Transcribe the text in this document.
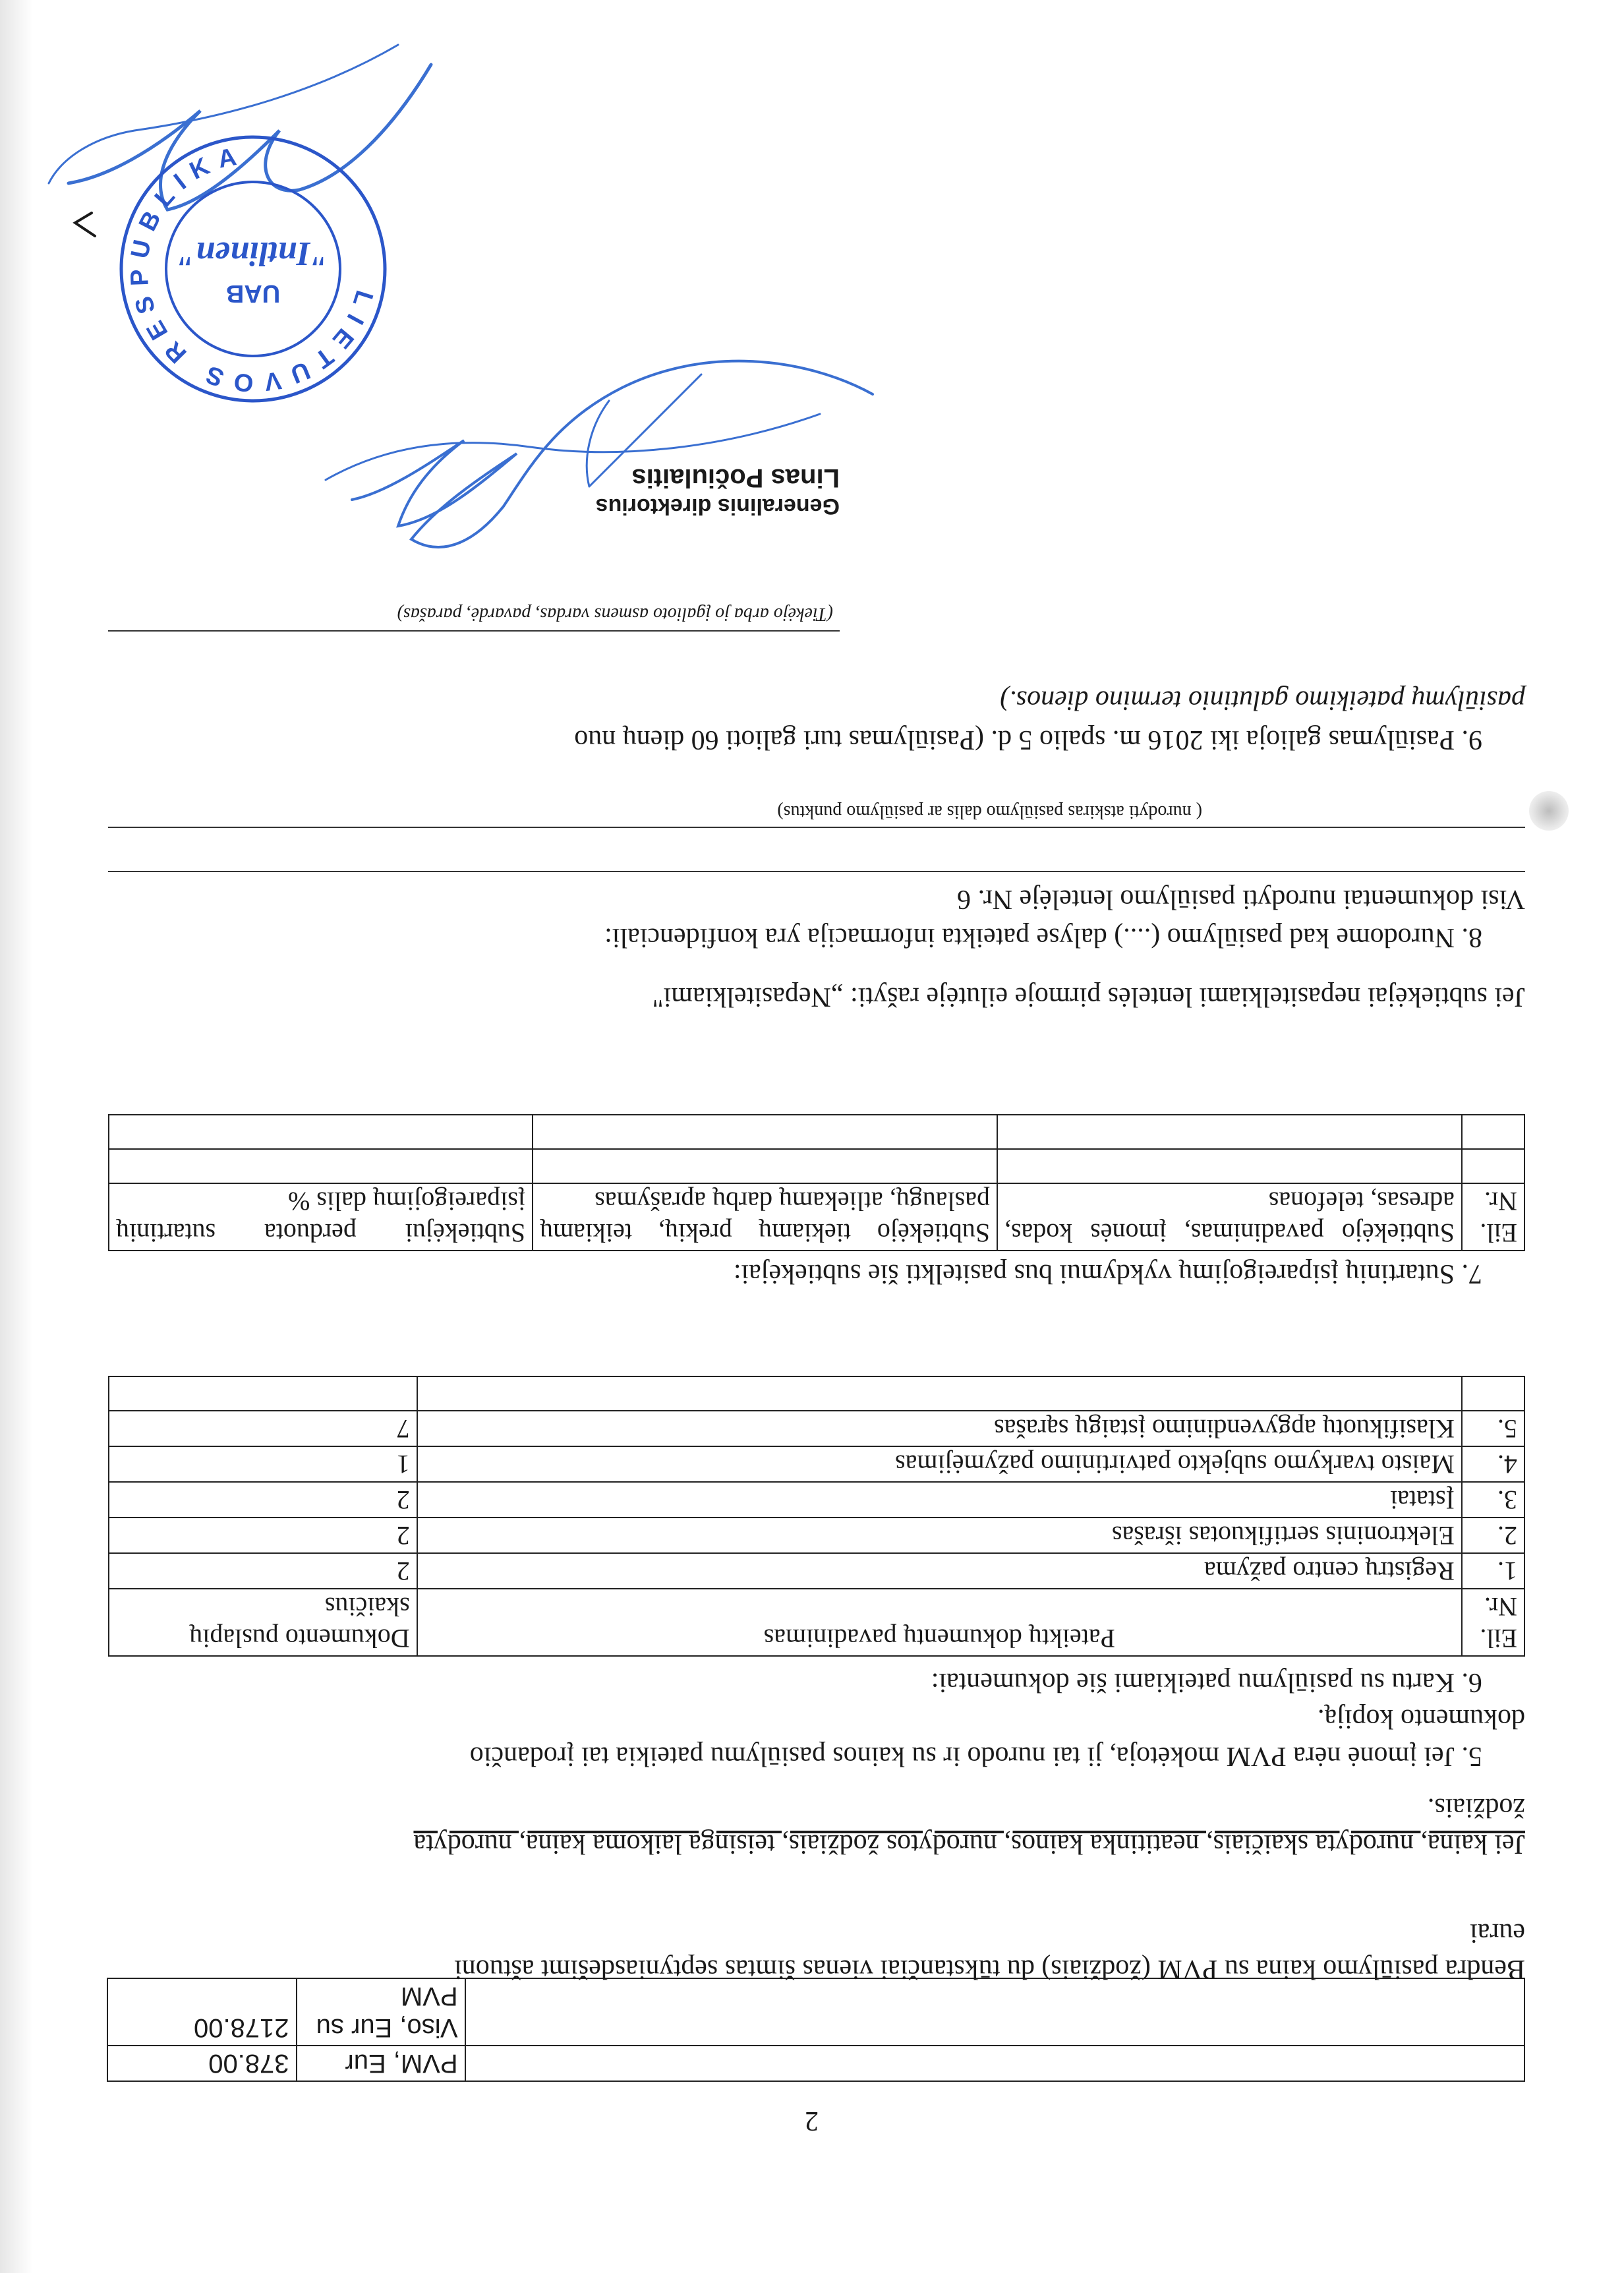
2
	PVM, Eur	378.00
	Viso, Eur su PVM	2178.00
Bendra pasiūlymo kaina su PVM (žodžiais) du tūkstančiai vienas šimtas septyniasdešimt aštuoni
eurai
Jei kaina, nurodyta skaičiais, neatitinka kainos, nurodytos žodžiais, teisinga laikoma kaina, nurodyta
žodžiais.
5. Jei įmonė nėra PVM mokėtoja, ji tai nurodo ir su kainos pasiūlymu pateikia tai įrodančio
dokumento kopiją.
6. Kartu su pasiūlymu pateikiami šie dokumentai:
Eil. Nr.	Pateiktų dokumentų pavadinimas	Dokumento puslapių skaičius
1.	Registrų centro pažyma	2
2.	Elektroninis sertifikuotas išrašas	2
3.	Įstatai	2
4.	Maisto tvarkymo subjekto patvirtinimo pažymėjimas	1
5.	Klasifikuotų apgyvendinimo įstaigų sąrašas	7

7. Sutartinių įsipareigojimų vykdymui bus pasitelkti šie subtiekėjai:
Eil. Nr.	Subtiekėjo pavadinimas, įmonės kodas, adresas, telefonas	Subtiekėjo tiekiamų prekių, teikiamų paslaugų, atliekamų darbų aprašymas	Subtiekėjui perduota sutartinių įsipareigojimų dalis %

Jei subtiekėjai nepasitelkiami lentelės pirmoje eilutėje rašyti: „Nepasitelkiami"
8. Nurodome kad pasiūlymo (....) dalyse pateikta informacija yra konfidenciali:
Visi dokumentai nurodyti pasiūlymo lentelėje Nr. 6
( nurodyti atskiras pasiūlymo dalis ar pasiūlymo punktus)
9. Pasiūlymas galioja iki 2016 m. spalio 5 d. (Pasiūlymas turi galioti 60 dienų nuo
pasiūlymų pateikimo galutinio termino dienos.)
(Tiekėjo arba jo įgalioto asmens vardas, pavardė, parašas)
Generalinis direktorius
Linas Počiulaitis
LIETUVOS RESPUBLIKA
UAB
"Intlinen"
